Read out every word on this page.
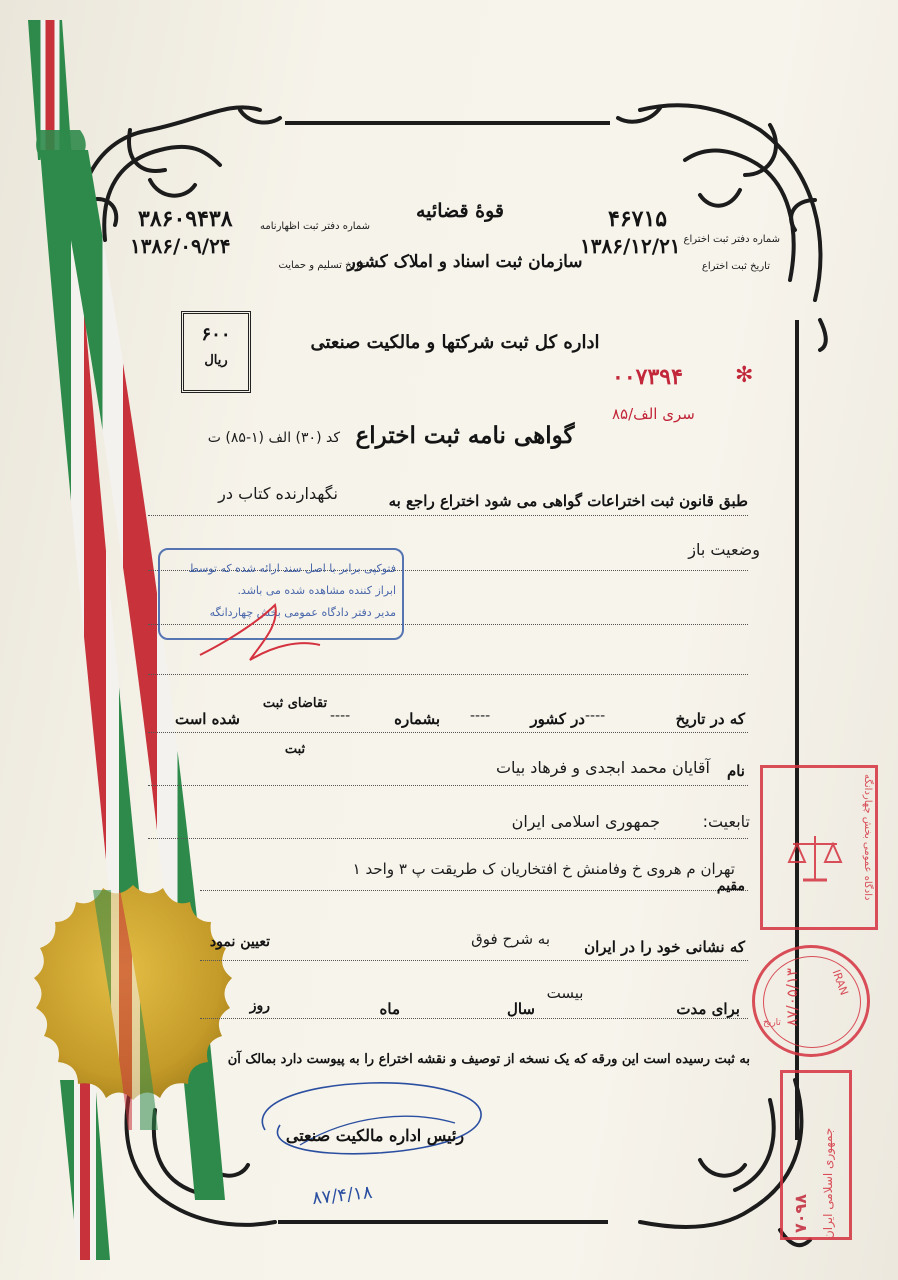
قوهٔ قضائیه
سازمان ثبت اسناد و املاک کشور
۳۸۶۰۹۴۳۸	شماره دفتر ثبت اظهارنامه
۱۳۸۶/۰۹/۲۴
تاریخ تسلیم و حمایت
۴۶۷۱۵
شماره دفتر ثبت اختراع
۱۳۸۶/۱۲/۲۱
تاریخ ثبت اختراع
اداره کل ثبت شرکتها و مالکیت صنعتی
۶۰۰
ریال
۰۰۷۳۹۴ ✻
سری الف/۸۵
گواهی نامه ثبت اختراع
کد (۳۰) الف (۱-۸۵) ت
طبق قانون ثبت اختراعات گواهی می شود اختراع راجع به
نگهدارنده کتاب در
وضعیت باز
فتوکپی برابر با اصل سند ارائه شده که توسط
ابراز کننده مشاهده شده می باشد.
مدیر دفتر دادگاه عمومی بخش چهاردانگه
که در تاریخ
----
در کشور
----
بشماره
----
تقاضای ثبت
ثبت
شده است
نام
آقایان محمد ابجدی و فرهاد بیات
تابعیت:
جمهوری اسلامی ایران
مقیم
تهران م هروی خ وفامنش خ افتخاریان ک طریقت پ ۳ واحد ۱
که نشانی خود را در ایران
به شرح فوق
تعیین نمود
برای مدت
بیست
سال
ماه
روز
به ثبت رسیده است این ورقه که یک نسخه از توصیف و نقشه اختراع را به پیوست دارد بمالک آن
رئیس اداره مالکیت صنعتی
۸۷/۴/۱۸
دادگاه عمومی بخش چهاردانگه
IRAN
۸۷/۰۵/۱۳
تاریخ
جمهوری اسلامی ایران
۷۰۹۸
